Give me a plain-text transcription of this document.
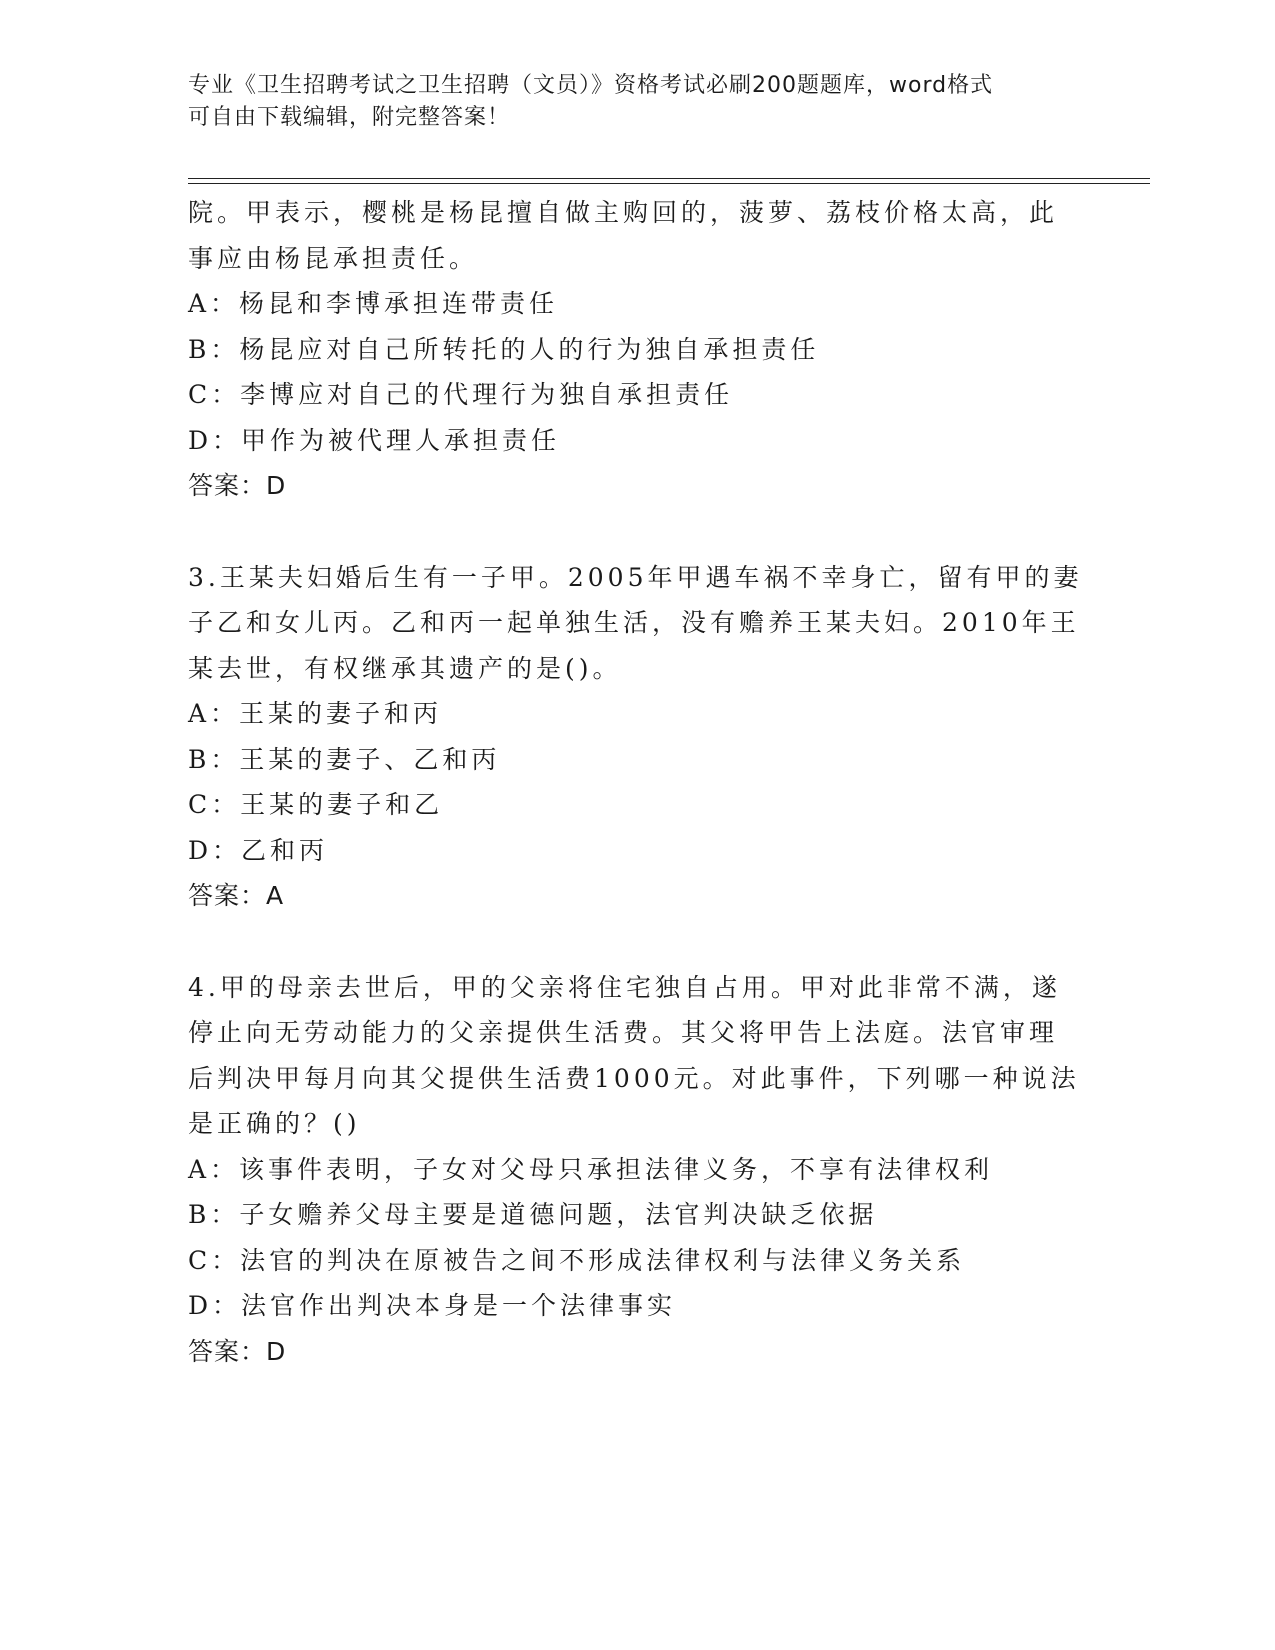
专业《卫生招聘考试之卫生招聘（文员）》资格考试必刷200题题库，word格式
可自由下载编辑，附完整答案！
院。甲表示，樱桃是杨昆擅自做主购回的，菠萝、荔枝价格太高，此
事应由杨昆承担责任。
A：杨昆和李博承担连带责任
B：杨昆应对自己所转托的人的行为独自承担责任
C：李博应对自己的代理行为独自承担责任
D：甲作为被代理人承担责任
答案：D
3.王某夫妇婚后生有一子甲。2005年甲遇车祸不幸身亡，留有甲的妻
子乙和女儿丙。乙和丙一起单独生活，没有赡养王某夫妇。2010年王
某去世，有权继承其遗产的是()。
A：王某的妻子和丙
B：王某的妻子、乙和丙
C：王某的妻子和乙
D：乙和丙
答案：A
4.甲的母亲去世后，甲的父亲将住宅独自占用。甲对此非常不满，遂
停止向无劳动能力的父亲提供生活费。其父将甲告上法庭。法官审理
后判决甲每月向其父提供生活费1000元。对此事件，下列哪一种说法
是正确的？()
A：该事件表明，子女对父母只承担法律义务，不享有法律权利
B：子女赡养父母主要是道德问题，法官判决缺乏依据
C：法官的判决在原被告之间不形成法律权利与法律义务关系
D：法官作出判决本身是一个法律事实
答案：D
